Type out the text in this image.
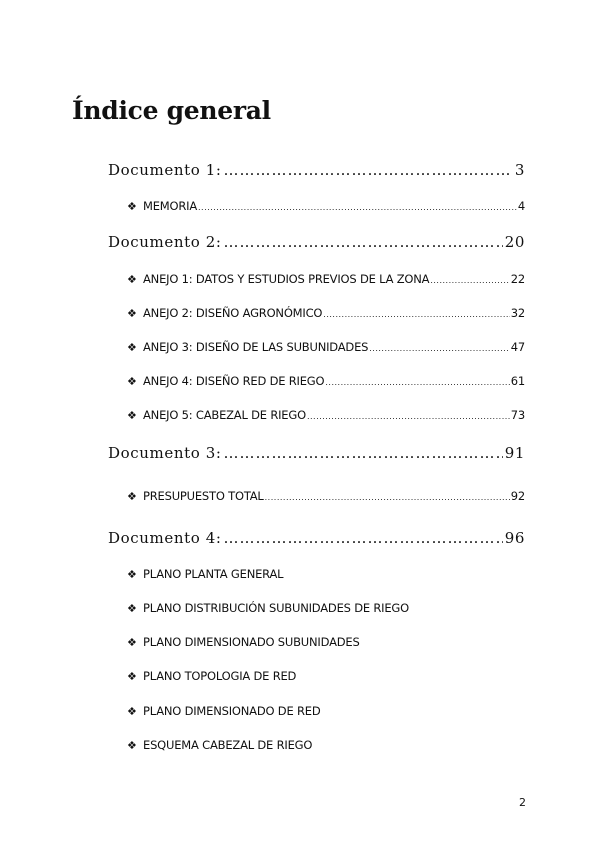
Índice general
Documento 1: ………………………………………………………………………………………	3
❖ MEMORIA .....	4
Documento 2: ………………………………………………………………………………………	20
❖ ANEJO 1: DATOS Y ESTUDIOS PREVIOS DE LA ZONA .....	22
❖ ANEJO 2: DISEÑO AGRONÓMICO .....	32
❖ ANEJO 3: DISEÑO DE LAS SUBUNIDADES .....	47
❖ ANEJO 4: DISEÑO RED DE RIEGO .....	61
❖ ANEJO 5: CABEZAL DE RIEGO .....	73
Documento 3: ………………………………………………………………………………………	91
❖ PRESUPUESTO TOTAL .....	92
Documento 4: ………………………………………………………………………………………	96
❖ PLANO PLANTA GENERAL
❖ PLANO DISTRIBUCIÓN SUBUNIDADES DE RIEGO
❖ PLANO DIMENSIONADO SUBUNIDADES
❖ PLANO TOPOLOGIA DE RED
❖ PLANO DIMENSIONADO DE RED
❖ ESQUEMA CABEZAL DE RIEGO
2
